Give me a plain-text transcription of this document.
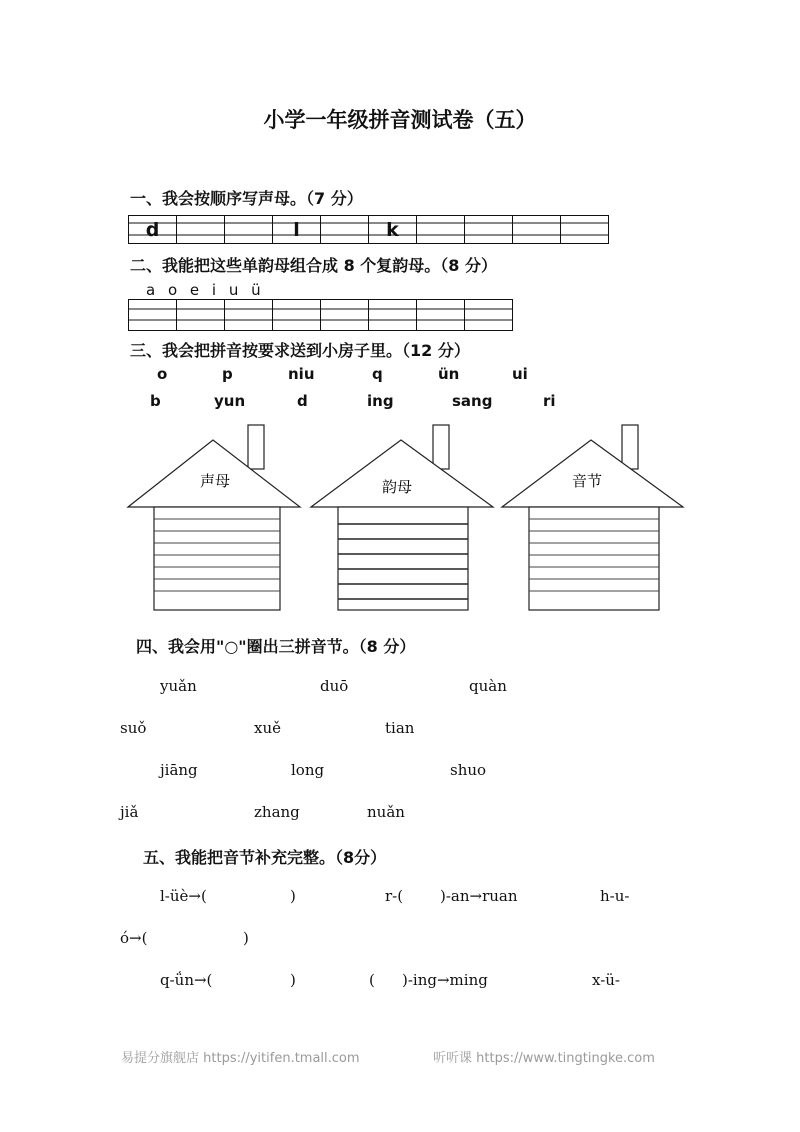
小学一年级拼音测试卷（五）
一、我会按顺序写声母。（7 分）
d			l		k				

二、我能把这些单韵母组合成 8 个复韵母。（8 分）
a o e i u ü
三、我会把拼音按要求送到小房子里。（12 分）
o	p	niu	q	ün	ui
b	yun	d	ing	sang	ri
声母	韵母	音节
四、我会用"○"圈出三拼音节。（8 分）
yuǎn	duō	quàn
suǒ	xuě	tian
jiāng	long	shuo
jiǎ	zhang	nuǎn
五、我能把音节补充完整。（8分）
l-üè→(	)	r-( )-an→ruan	h-u-
ó→(	)
q-ǘn→(	)	( )-ing→ming	x-ü-
易提分旗舰店 https://yitifen.tmall.com	听听课 https://www.tingtingke.com
